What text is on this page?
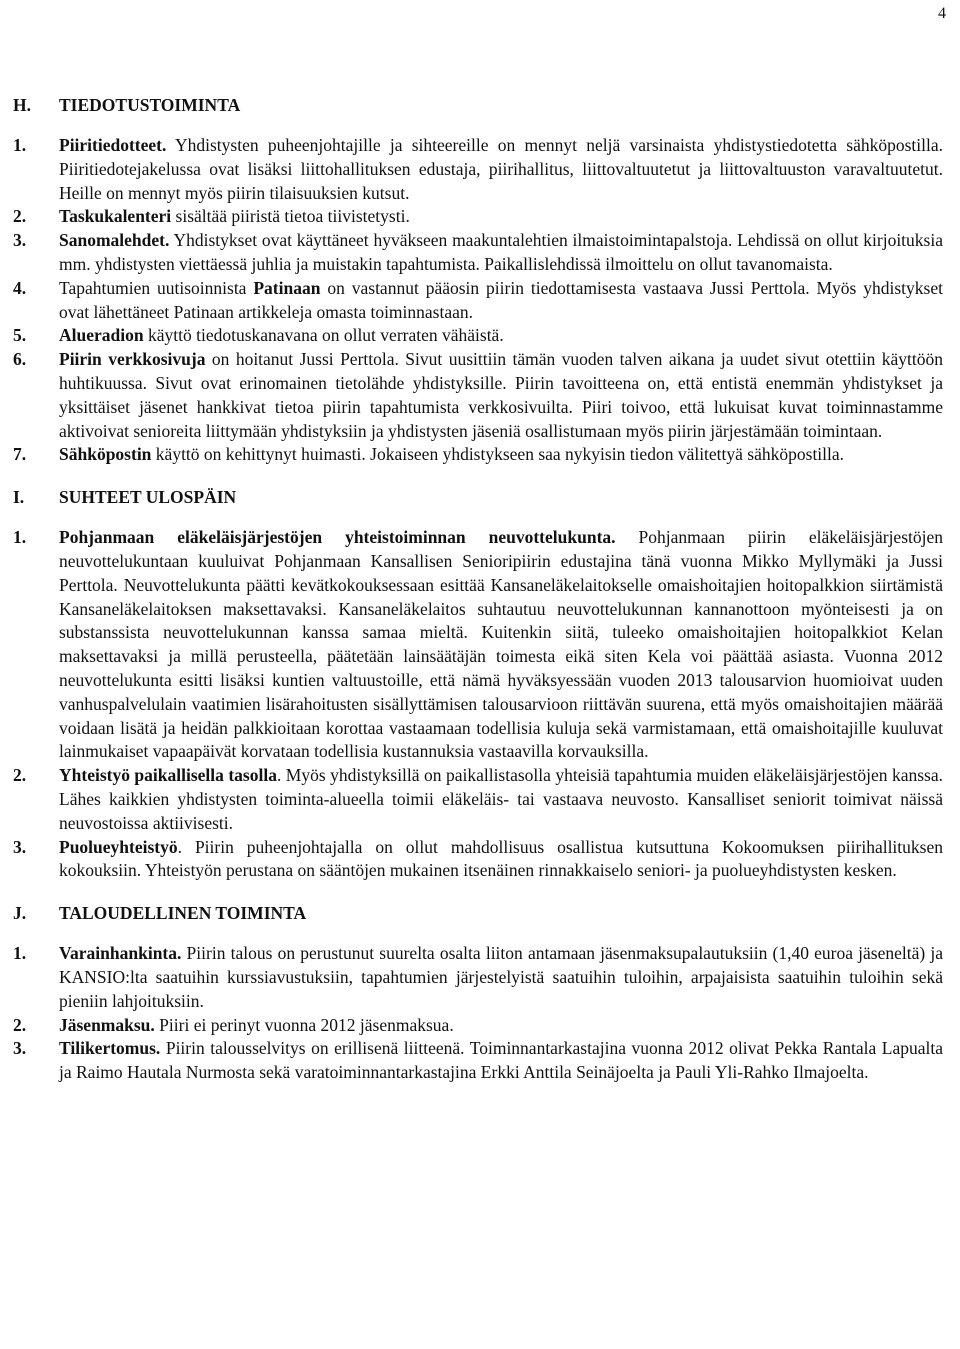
4
H.	TIEDOTUSTOIMINTA
1.	Piiritiedotteet. Yhdistysten puheenjohtajille ja sihteereille on mennyt neljä varsinaista yhdistystiedotetta sähköpostilla. Piiritiedotejakelussa ovat lisäksi liittohallituksen edustaja, piirihallitus, liittovaltuutetut ja liittovaltuuston varavaltuutetut. Heille on mennyt myös piirin tilaisuuksien kutsut.
2.	Taskukalenteri sisältää piiristä tietoa tiivistetysti.
3.	Sanomalehdet. Yhdistykset ovat käyttäneet hyväkseen maakuntalehtien ilmaistoimintapalstoja. Lehdissä on ollut kirjoituksia mm. yhdistysten viettäessä juhlia ja muistakin tapahtumista. Paikallislehdissä ilmoittelu on ollut tavanomaista.
4.	Tapahtumien uutisoinnista Patinaan on vastannut pääosin piirin tiedottamisesta vastaava Jussi Perttola. Myös yhdistykset ovat lähettäneet Patinaan artikkeleja omasta toiminnastaan.
5.	Alueradion käyttö tiedotuskanavana on ollut verraten vähäistä.
6.	Piirin verkkosivuja on hoitanut Jussi Perttola. Sivut uusittiin tämän vuoden talven aikana ja uudet sivut otettiin käyttöön huhtikuussa. Sivut ovat erinomainen tietolähde yhdistyksille. Piirin tavoitteena on, että entistä enemmän yhdistykset ja yksittäiset jäsenet hankkivat tietoa piirin tapahtumista verkkosivuilta. Piiri toivoo, että lukuisat kuvat toiminnastamme aktivoivat senioreita liittymään yhdistyksiin ja yhdistysten jäseniä osallistumaan myös piirin järjestämään toimintaan.
7.	Sähköpostin käyttö on kehittynyt huimasti. Jokaiseen yhdistykseen saa nykyisin tiedon välitettyä sähköpostilla.
I.	SUHTEET ULOSPÄIN
1.	Pohjanmaan eläkeläisjärjestöjen yhteistoiminnan neuvottelukunta. Pohjanmaan piirin eläkeläisjärjestöjen neuvottelukuntaan kuuluivat Pohjanmaan Kansallisen Senioripiirin edustajina tänä vuonna Mikko Myllymäki ja Jussi Perttola. Neuvottelukunta päätti kevätkokouksessaan esittää Kansaneläkelaitokselle omaishoitajien hoitopalkkion siirtämistä Kansaneläkelaitoksen maksettavaksi. Kansaneläkelaitos suhtautuu neuvottelukunnan kannanottoon myönteisesti ja on substanssista neuvottelukunnan kanssa samaa mieltä. Kuitenkin siitä, tuleeko omaishoitajien hoitopalkkiot Kelan maksettavaksi ja millä perusteella, päätetään lainsäätäjän toimesta eikä siten Kela voi päättää asiasta. Vuonna 2012 neuvottelukunta esitti lisäksi kuntien valtuustoille, että nämä hyväksyessään vuoden 2013 talousarvion huomioivat uuden vanhuspalvelulain vaatimien lisärahoitusten sisällyttämisen talousarvioon riittävän suurena, että myös omaishoitajien määrää voidaan lisätä ja heidän palkkioitaan korottaa vastaamaan todellisia kuluja sekä varmistamaan, että omaishoitajille kuuluvat lainmukaiset vapaapäivät korvataan todellisia kustannuksia vastaavilla korvauksilla.
2.	Yhteistyö paikallisella tasolla. Myös yhdistyksillä on paikallistasolla yhteisiä tapahtumia muiden eläkeläisjärjestöjen kanssa. Lähes kaikkien yhdistysten toiminta-alueella toimii eläkeläis- tai vastaava neuvosto. Kansalliset seniorit toimivat näissä neuvostoissa aktiivisesti.
3.	Puolueyhteistyö. Piirin puheenjohtajalla on ollut mahdollisuus osallistua kutsuttuna Kokoomuksen piirihallituksen kokouksiin. Yhteistyön perustana on sääntöjen mukainen itsenäinen rinnakkaiselo seniori- ja puolueyhdistysten kesken.
J.	TALOUDELLINEN TOIMINTA
1.	Varainhankinta. Piirin talous on perustunut suurelta osalta liiton antamaan jäsenmaksupalautuksiin (1,40 euroa jäseneltä) ja KANSIO:lta saatuihin kurssiavustuksiin, tapahtumien järjestelyistä saatuihin tuloihin, arpajaisista saatuihin tuloihin sekä pieniin lahjoituksiin.
2.	Jäsenmaksu. Piiri ei perinyt vuonna 2012 jäsenmaksua.
3.	Tilikertomus. Piirin talousselvitys on erillisenä liitteenä. Toiminnantarkastajina vuonna 2012 olivat Pekka Rantala Lapualta ja Raimo Hautala Nurmosta sekä varatoiminnantarkastajina Erkki Anttila Seinäjoelta ja Pauli Yli-Rahko Ilmajoelta.
